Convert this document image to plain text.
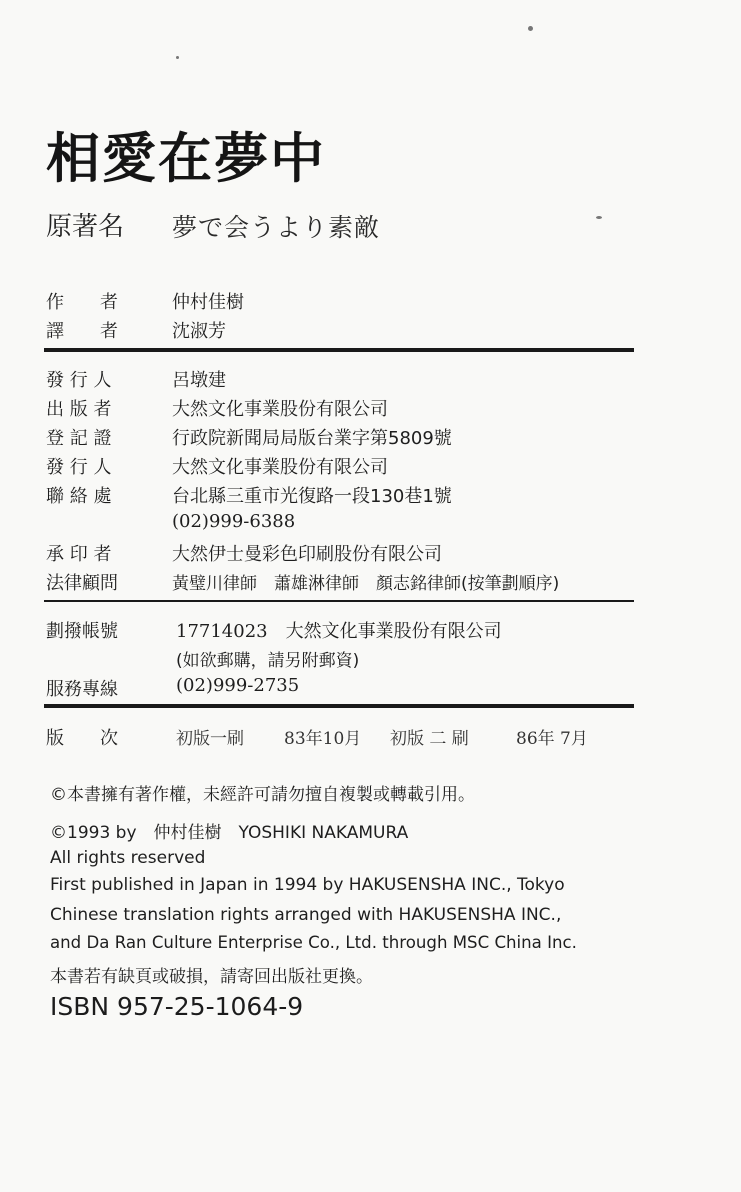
相愛在夢中
原著名 夢で会うより素敵
作　　者	仲村佳樹
譯　　者	沈淑芳
發 行 人	呂墩建
出 版 者	大然文化事業股份有限公司
登 記 證	行政院新聞局局版台業字第5809號
發 行 人	大然文化事業股份有限公司
聯 絡 處	台北縣三重市光復路一段130巷1號
(02)999-6388
承 印 者	大然伊士曼彩色印刷股份有限公司
法律顧問	黃璧川律師　蕭雄淋律師　顏志銘律師(按筆劃順序)
劃撥帳號	17714023　大然文化事業股份有限公司
(如欲郵購，請另附郵資)
服務專線	(02)999-2735
版　　次	初版一刷 83年10月 初版 二 刷	86年 7月
©本書擁有著作權，未經許可請勿擅自複製或轉載引用。
©1993 by　仲村佳樹　YOSHIKI NAKAMURA
All rights reserved
First published in Japan in 1994 by HAKUSENSHA INC., Tokyo
Chinese translation rights arranged with HAKUSENSHA INC.,
and Da Ran Culture Enterprise Co., Ltd. through MSC China Inc.
本書若有缺頁或破損，請寄回出版社更換。
ISBN 957-25-1064-9
